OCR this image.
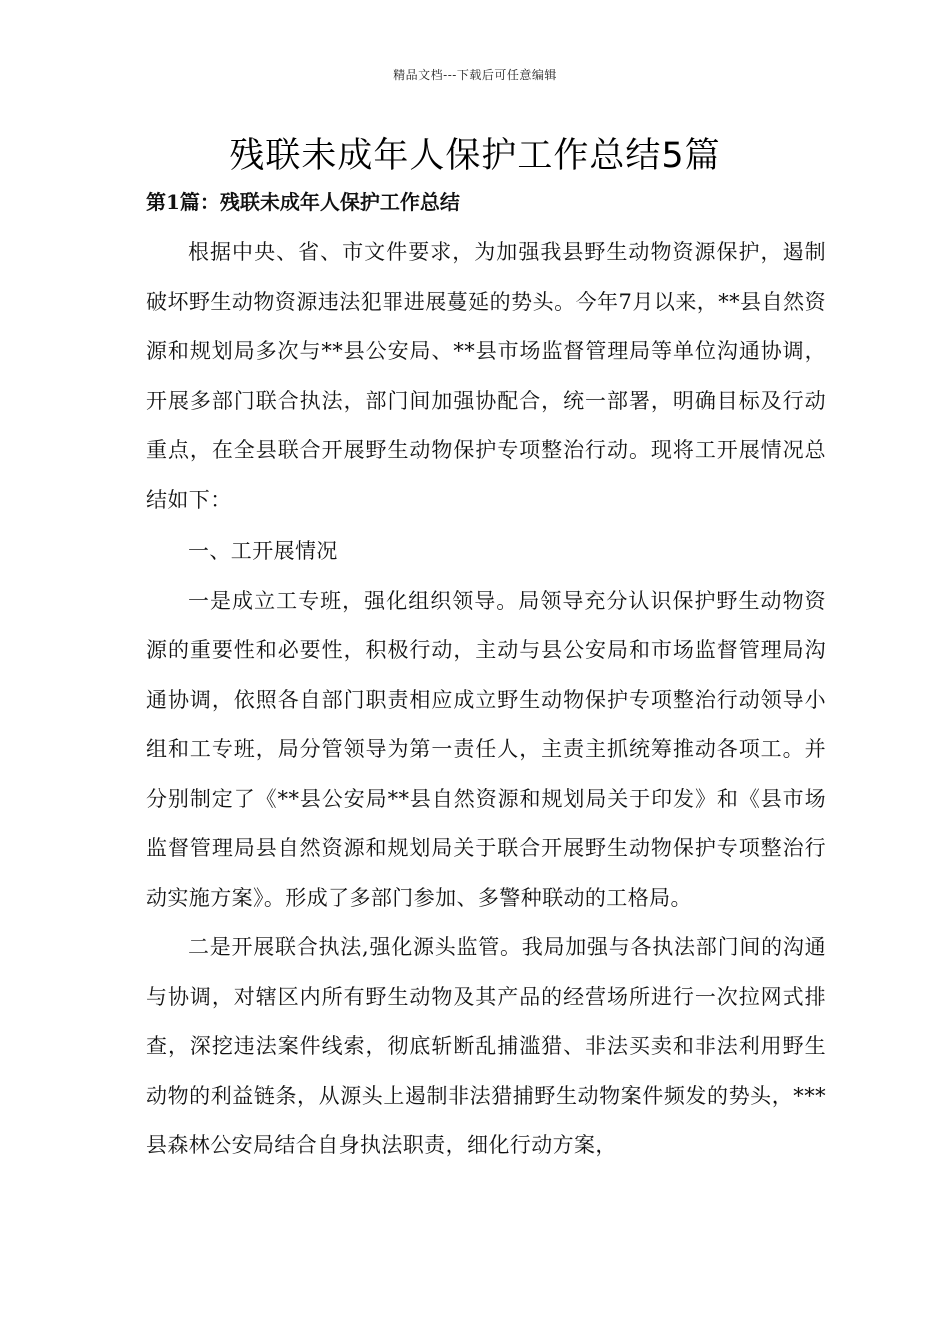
精品文档---下载后可任意编辑
残联未成年人保护工作总结5篇
第1篇：残联未成年人保护工作总结

根据中央、省、市文件要求，为加强我县野生动物资源保护，遏制破坏野生动物资源违法犯罪进展蔓延的势头。今年7月以来，**县自然资源和规划局多次与**县公安局、**县市场监督管理局等单位沟通协调，开展多部门联合执法，部门间加强协配合，统一部署，明确目标及行动重点，在全县联合开展野生动物保护专项整治行动。现将工开展情况总结如下：

一、工开展情况

一是成立工专班，强化组织领导。局领导充分认识保护野生动物资源的重要性和必要性，积极行动，主动与县公安局和市场监督管理局沟通协调，依照各自部门职责相应成立野生动物保护专项整治行动领导小组和工专班，局分管领导为第一责任人，主责主抓统筹推动各项工。并分别制定了《**县公安局**县自然资源和规划局关于印发》和《县市场监督管理局县自然资源和规划局关于联合开展野生动物保护专项整治行动实施方案》。形成了多部门参加、多警种联动的工格局。

二是开展联合执法,强化源头监管。我局加强与各执法部门间的沟通与协调，对辖区内所有野生动物及其产品的经营场所进行一次拉网式排查，深挖违法案件线索，彻底斩断乱捕滥猎、非法买卖和非法利用野生动物的利益链条，从源头上遏制非法猎捕野生动物案件频发的势头，***县森林公安局结合自身执法职责，细化行动方案，
